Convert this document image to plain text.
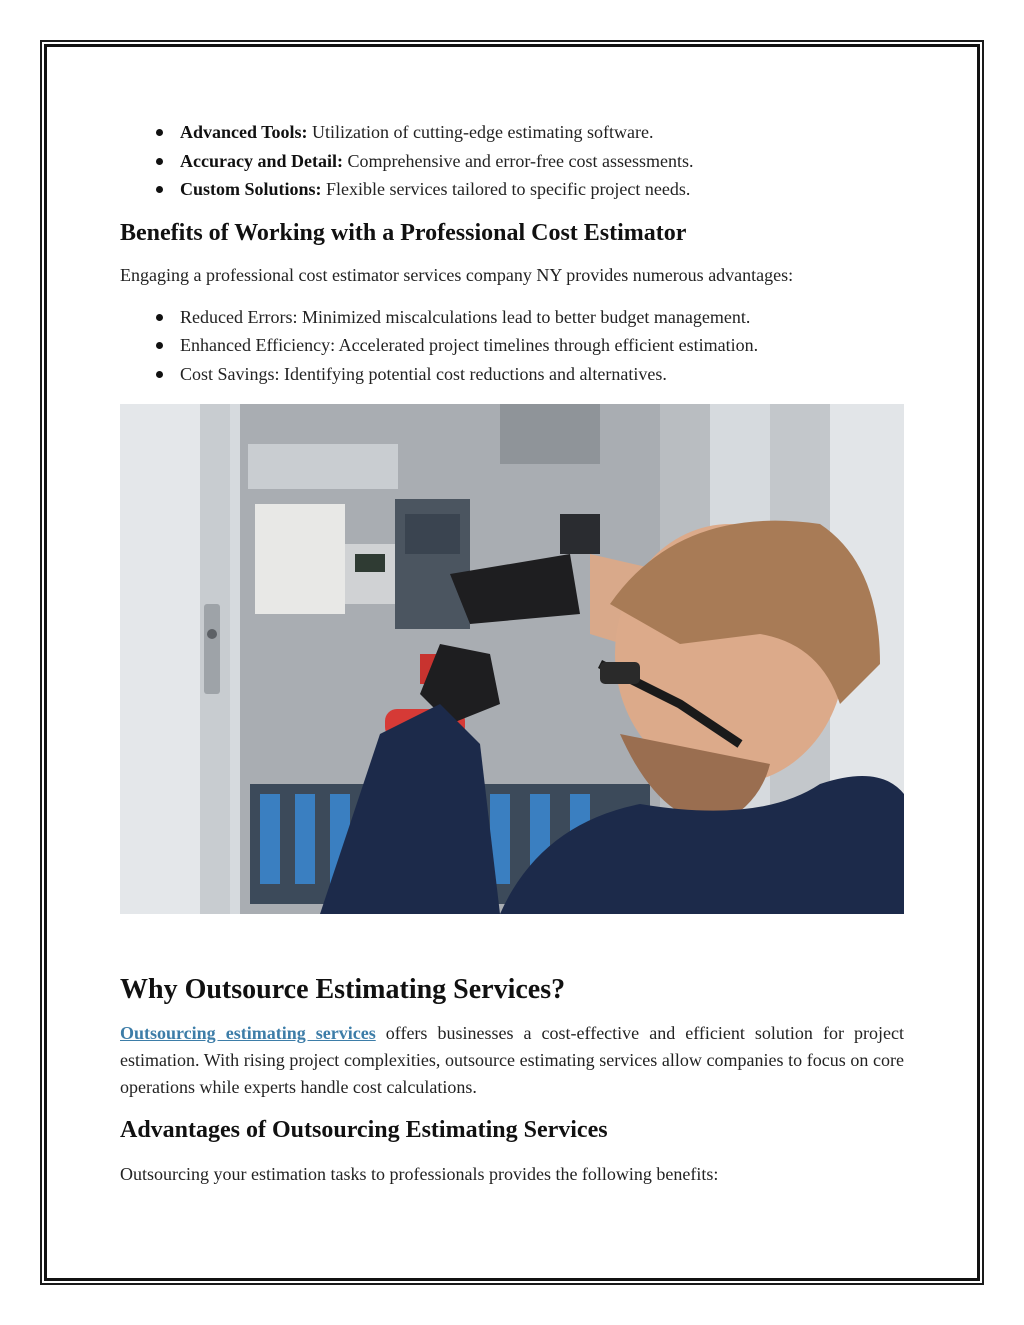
Advanced Tools: Utilization of cutting-edge estimating software.
Accuracy and Detail: Comprehensive and error-free cost assessments.
Custom Solutions: Flexible services tailored to specific project needs.
Benefits of Working with a Professional Cost Estimator

Engaging a professional cost estimator services company NY provides numerous advantages:

Reduced Errors: Minimized miscalculations lead to better budget management.
Enhanced Efficiency: Accelerated project timelines through efficient estimation.
Cost Savings: Identifying potential cost reductions and alternatives.
Why Outsource Estimating Services?

Outsourcing estimating services offers businesses a cost-effective and efficient solution for project estimation. With rising project complexities, outsource estimating services allow companies to focus on core operations while experts handle cost calculations.

Advantages of Outsourcing Estimating Services

Outsourcing your estimation tasks to professionals provides the following benefits:
